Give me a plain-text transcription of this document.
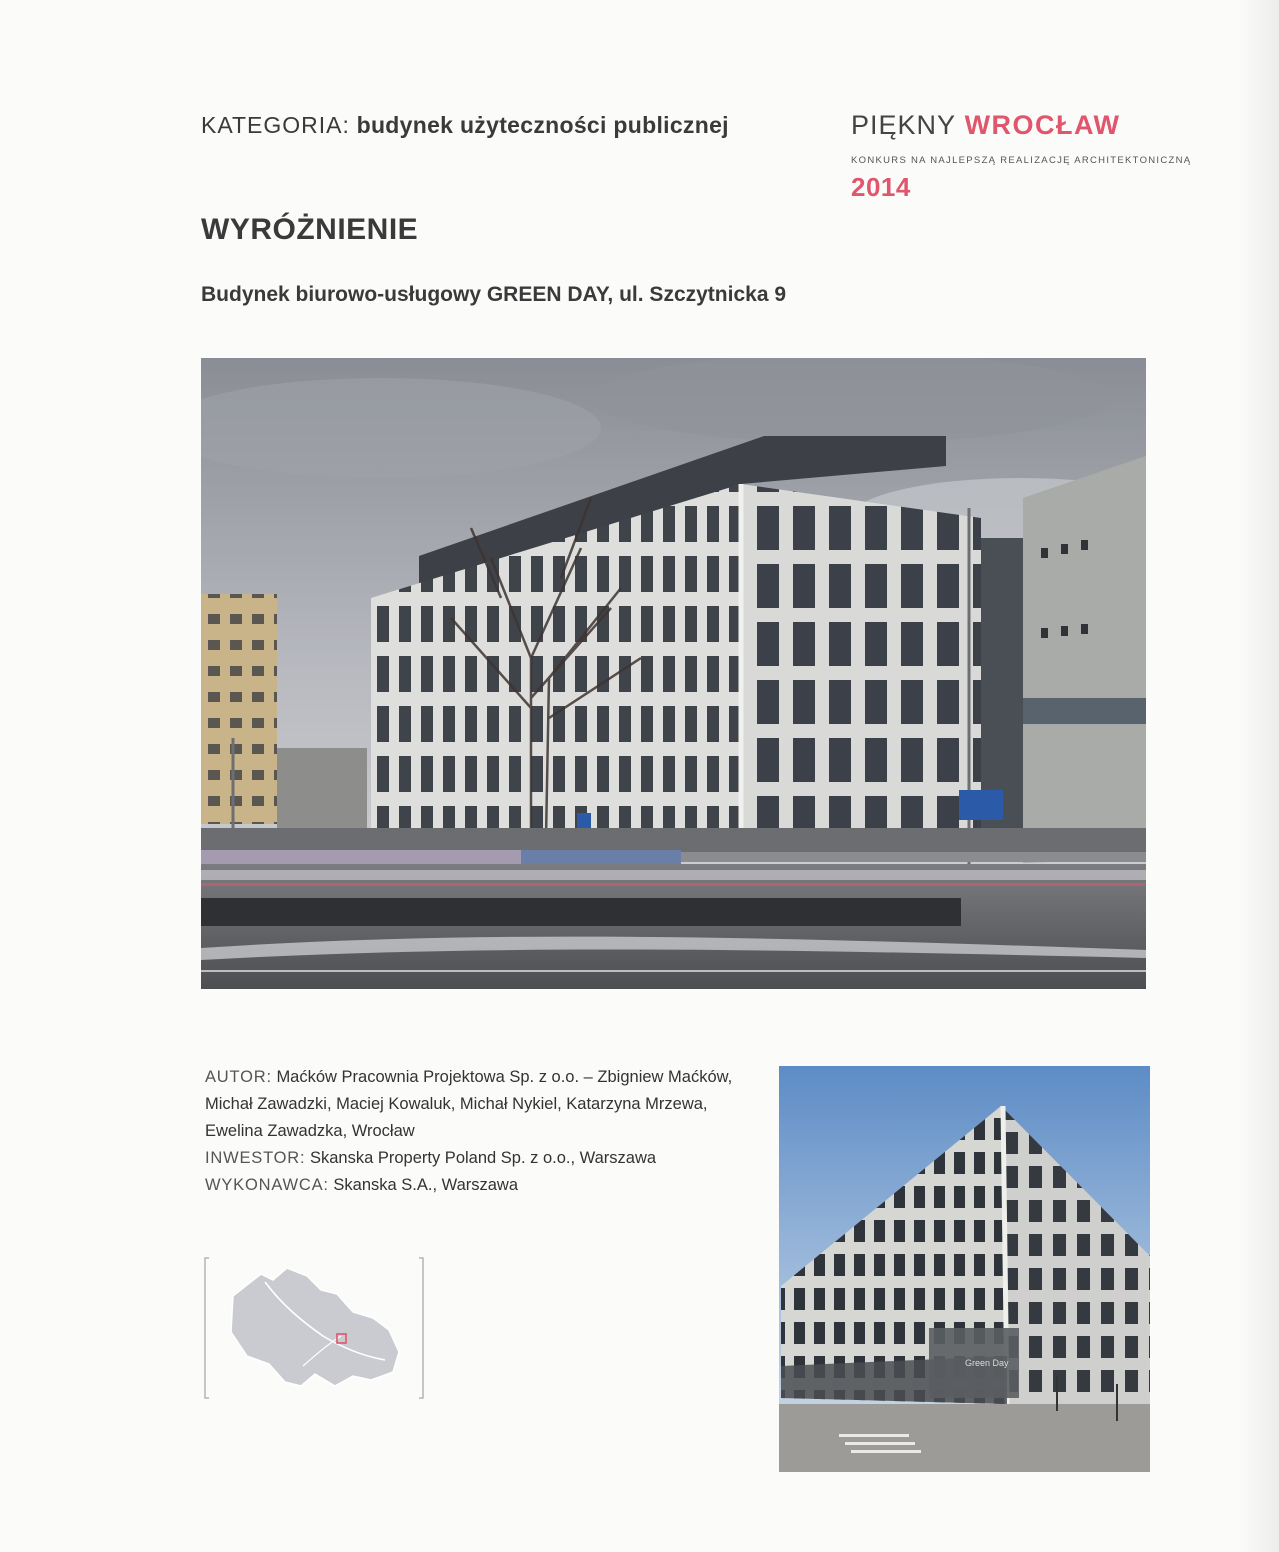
KATEGORIA: budynek użyteczności publicznej	PIĘKNY WROCŁAW
KONKURS NA NAJLEPSZĄ REALIZACJĘ ARCHITEKTONICZNĄ
2014
WYRÓŻNIENIE
Budynek biurowo-usługowy GREEN DAY, ul. Szczytnicka 9
AUTOR: Maćków Pracownia Projektowa Sp. z o.o. – Zbigniew Maćków, Michał Zawadzki, Maciej Kowaluk, Michał Nykiel, Katarzyna Mrzewa, Ewelina Zawadzka, Wrocław
INWESTOR: Skanska Property Poland Sp. z o.o., Warszawa
WYKONAWCA: Skanska S.A., Warszawa
Green Day
